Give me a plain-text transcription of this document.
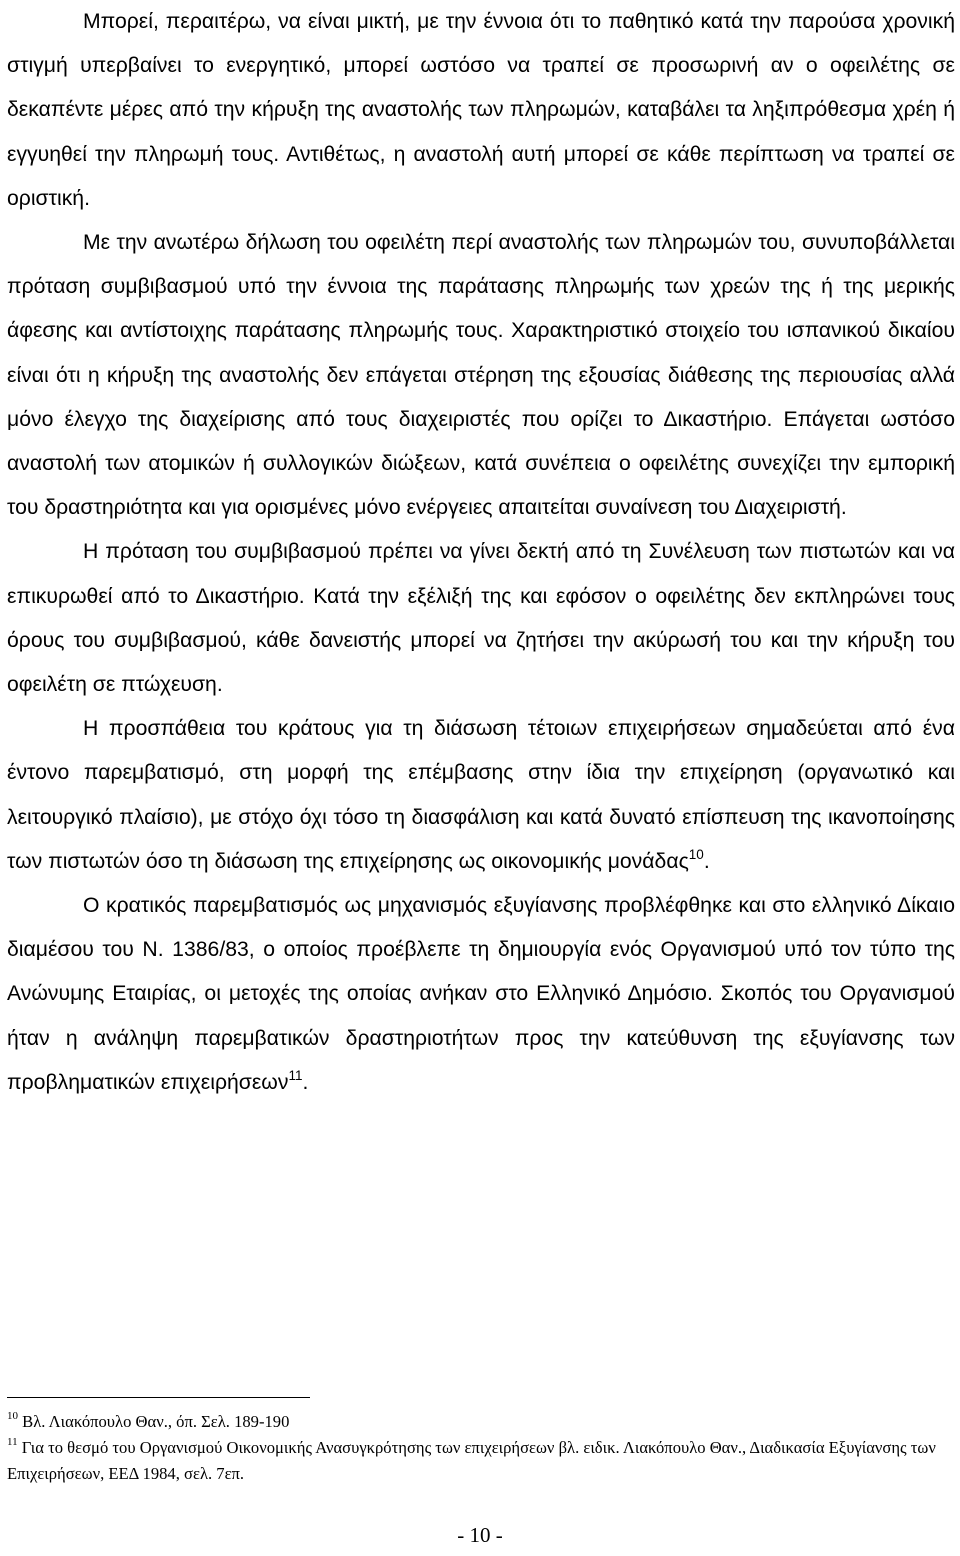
Μπορεί, περαιτέρω, να είναι μικτή, με την έννοια ότι το παθητικό κατά την παρούσα χρονική στιγμή υπερβαίνει το ενεργητικό, μπορεί ωστόσο να τραπεί σε προσωρινή αν ο οφειλέτης σε δεκαπέντε μέρες από την κήρυξη της αναστολής των πληρωμών, καταβάλει τα ληξιπρόθεσμα χρέη ή εγγυηθεί την πληρωμή τους. Αντιθέτως, η αναστολή αυτή μπορεί σε κάθε περίπτωση να τραπεί σε οριστική.

Με την ανωτέρω δήλωση του οφειλέτη περί αναστολής των πληρωμών του, συνυποβάλλεται πρόταση συμβιβασμού υπό την έννοια της παράτασης πληρωμής των χρεών της ή της μερικής άφεσης και αντίστοιχης παράτασης πληρωμής τους. Χαρακτηριστικό στοιχείο του ισπανικού δικαίου είναι ότι η κήρυξη της αναστολής δεν επάγεται στέρηση της εξουσίας διάθεσης της περιουσίας αλλά μόνο έλεγχο της διαχείρισης από τους διαχειριστές που ορίζει το Δικαστήριο. Επάγεται ωστόσο αναστολή των ατομικών ή συλλογικών διώξεων, κατά συνέπεια ο οφειλέτης συνεχίζει την εμπορική του δραστηριότητα και για ορισμένες μόνο ενέργειες απαιτείται συναίνεση του Διαχειριστή.

Η πρόταση του συμβιβασμού πρέπει να γίνει δεκτή από τη Συνέλευση των πιστωτών και να επικυρωθεί από το Δικαστήριο. Κατά την εξέλιξή της και εφόσον ο οφειλέτης δεν εκπληρώνει τους όρους του συμβιβασμού, κάθε δανειστής μπορεί να ζητήσει την ακύρωσή του και την κήρυξη του οφειλέτη σε πτώχευση.

Η προσπάθεια του κράτους για τη διάσωση τέτοιων επιχειρήσεων σημαδεύεται από ένα έντονο παρεμβατισμό, στη μορφή της επέμβασης στην ίδια την επιχείρηση (οργανωτικό και λειτουργικό πλαίσιο), με στόχο όχι τόσο τη διασφάλιση και κατά δυνατό επίσπευση της ικανοποίησης των πιστωτών όσο τη διάσωση της επιχείρησης ως οικονομικής μονάδας$^{10}$.

Ο κρατικός παρεμβατισμός ως μηχανισμός εξυγίανσης προβλέφθηκε και στο ελληνικό Δίκαιο διαμέσου του Ν. 1386/83, ο οποίος προέβλεπε τη δημιουργία ενός Οργανισμού υπό τον τύπο της Ανώνυμης Εταιρίας, οι μετοχές της οποίας ανήκαν στο Ελληνικό Δημόσιο. Σκοπός του Οργανισμού ήταν η ανάληψη παρεμβατικών δραστηριοτήτων προς την κατεύθυνση της εξυγίανσης των προβληματικών επιχειρήσεων$^{11}$.

$^{10}$ Βλ. Λιακόπουλο Θαν., όπ. Σελ. 189-190

$^{11}$ Για το θεσμό του Οργανισμού Οικονομικής Ανασυγκρότησης των επιχειρήσεων βλ. ειδικ. Λιακόπουλο Θαν., Διαδικασία Εξυγίανσης των Επιχειρήσεων, ΕΕΔ 1984, σελ. 7επ.

- 10 -
